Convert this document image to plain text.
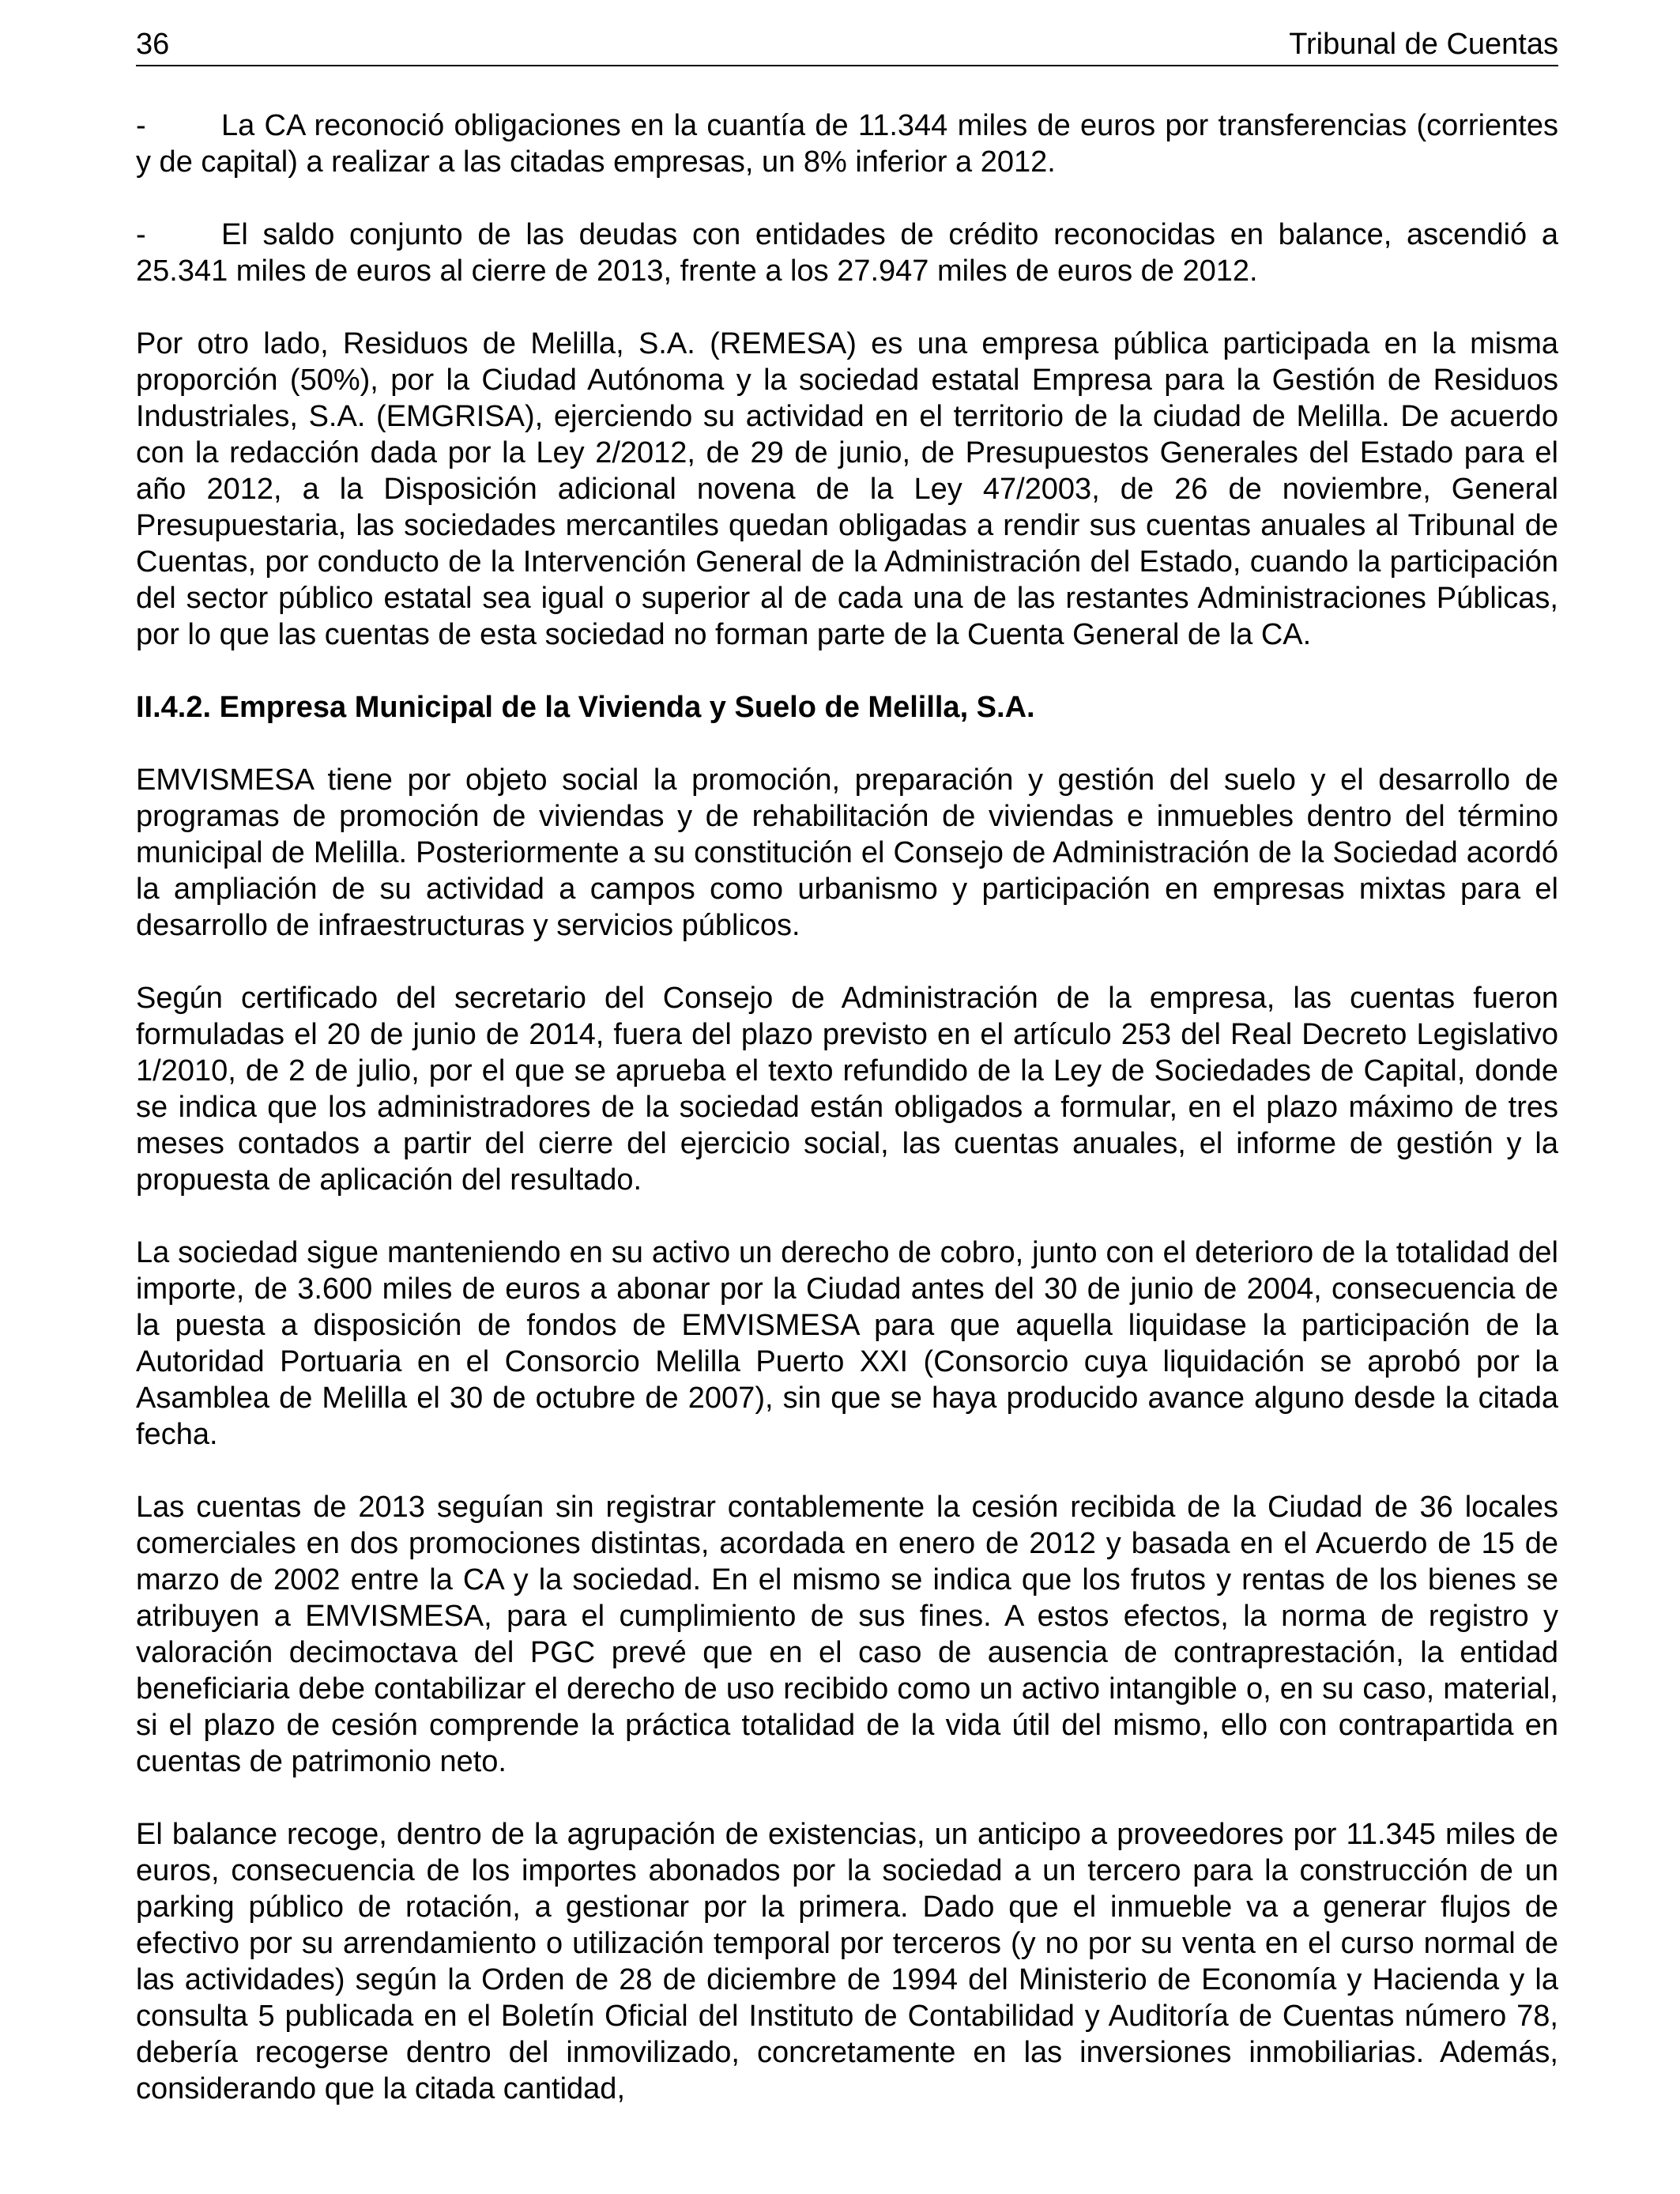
36	Tribunal de Cuentas

-	La CA reconoció obligaciones en la cuantía de 11.344 miles de euros por transferencias (corrientes y de capital) a realizar a las citadas empresas, un 8% inferior a 2012.

-	El saldo conjunto de las deudas con entidades de crédito reconocidas en balance, ascendió a 25.341 miles de euros al cierre de 2013, frente a los 27.947 miles de euros de 2012.

Por otro lado, Residuos de Melilla, S.A. (REMESA) es una empresa pública participada en la misma proporción (50%), por la Ciudad Autónoma y la sociedad estatal Empresa para la Gestión de Residuos Industriales, S.A. (EMGRISA), ejerciendo su actividad en el territorio de la ciudad de Melilla. De acuerdo con la redacción dada por la Ley 2/2012, de 29 de junio, de Presupuestos Generales del Estado para el año 2012, a la Disposición adicional novena de la Ley 47/2003, de 26 de noviembre, General Presupuestaria, las sociedades mercantiles quedan obligadas a rendir sus cuentas anuales al Tribunal de Cuentas, por conducto de la Intervención General de la Administración del Estado, cuando la participación del sector público estatal sea igual o superior al de cada una de las restantes Administraciones Públicas, por lo que las cuentas de esta sociedad no forman parte de la Cuenta General de la CA.

II.4.2. Empresa Municipal de la Vivienda y Suelo de Melilla, S.A.

EMVISMESA tiene por objeto social la promoción, preparación y gestión del suelo y el desarrollo de programas de promoción de viviendas y de rehabilitación de viviendas e inmuebles dentro del término municipal de Melilla. Posteriormente a su constitución el Consejo de Administración de la Sociedad acordó la ampliación de su actividad a campos como urbanismo y participación en empresas mixtas para el desarrollo de infraestructuras y servicios públicos.

Según certificado del secretario del Consejo de Administración de la empresa, las cuentas fueron formuladas el 20 de junio de 2014, fuera del plazo previsto en el artículo 253 del Real Decreto Legislativo 1/2010, de 2 de julio, por el que se aprueba el texto refundido de la Ley de Sociedades de Capital, donde se indica que los administradores de la sociedad están obligados a formular, en el plazo máximo de tres meses contados a partir del cierre del ejercicio social, las cuentas anuales, el informe de gestión y la propuesta de aplicación del resultado.

La sociedad sigue manteniendo en su activo un derecho de cobro, junto con el deterioro de la totalidad del importe, de 3.600 miles de euros a abonar por la Ciudad antes del 30 de junio de 2004, consecuencia de la puesta a disposición de fondos de EMVISMESA para que aquella liquidase la participación de la Autoridad Portuaria en el Consorcio Melilla Puerto XXI (Consorcio cuya liquidación se aprobó por la Asamblea de Melilla el 30 de octubre de 2007), sin que se haya producido avance alguno desde la citada fecha.

Las cuentas de 2013 seguían sin registrar contablemente la cesión recibida de la Ciudad de 36 locales comerciales en dos promociones distintas, acordada en enero de 2012 y basada en el Acuerdo de 15 de marzo de 2002 entre la CA y la sociedad. En el mismo se indica que los frutos y rentas de los bienes se atribuyen a EMVISMESA, para el cumplimiento de sus fines. A estos efectos, la norma de registro y valoración decimoctava del PGC prevé que en el caso de ausencia de contraprestación, la entidad beneficiaria debe contabilizar el derecho de uso recibido como un activo intangible o, en su caso, material, si el plazo de cesión comprende la práctica totalidad de la vida útil del mismo, ello con contrapartida en cuentas de patrimonio neto.

El balance recoge, dentro de la agrupación de existencias, un anticipo a proveedores por 11.345 miles de euros, consecuencia de los importes abonados por la sociedad a un tercero para la construcción de un parking público de rotación, a gestionar por la primera. Dado que el inmueble va a generar flujos de efectivo por su arrendamiento o utilización temporal por terceros (y no por su venta en el curso normal de las actividades) según la Orden de 28 de diciembre de 1994 del Ministerio de Economía y Hacienda y la consulta 5 publicada en el Boletín Oficial del Instituto de Contabilidad y Auditoría de Cuentas número 78, debería recogerse dentro del inmovilizado, concretamente en las inversiones inmobiliarias. Además, considerando que la citada cantidad,
